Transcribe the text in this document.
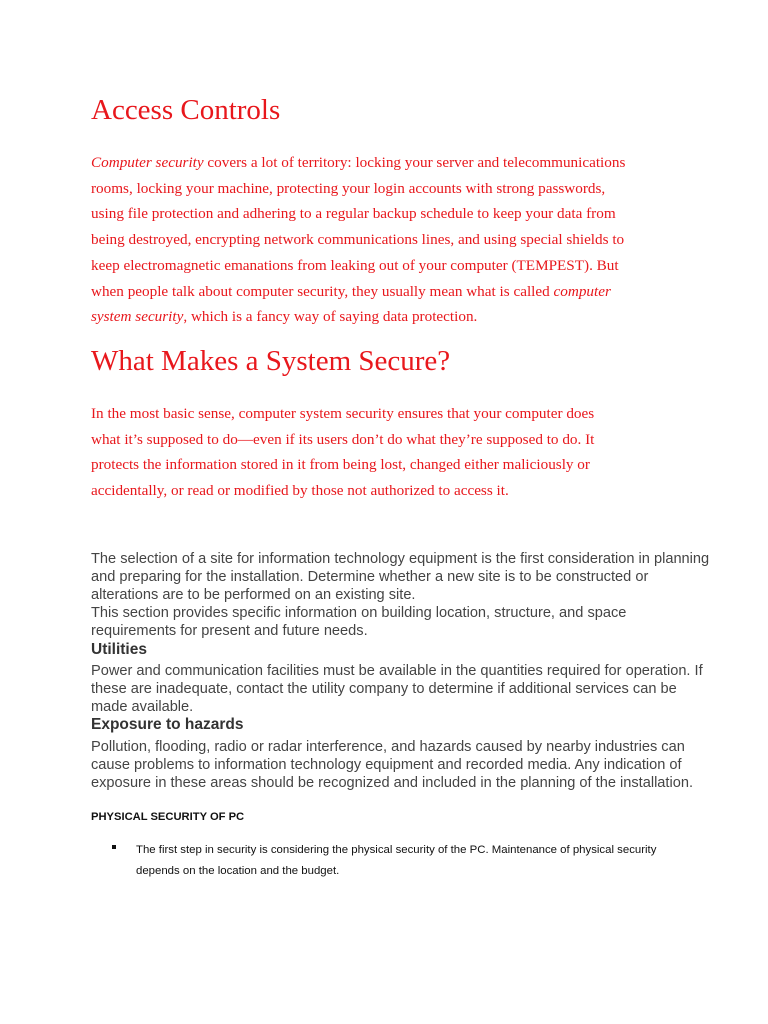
Access Controls

Computer security covers a lot of territory: locking your server and telecommunications
rooms, locking your machine, protecting your login accounts with strong passwords,
using file protection and adhering to a regular backup schedule to keep your data from
being destroyed, encrypting network communications lines, and using special shields to
keep electromagnetic emanations from leaking out of your computer (TEMPEST). But
when people talk about computer security, they usually mean what is called computer
system security, which is a fancy way of saying data protection.

What Makes a System Secure?

In the most basic sense, computer system security ensures that your computer does
what it’s supposed to do—even if its users don’t do what they’re supposed to do. It
protects the information stored in it from being lost, changed either maliciously or
accidentally, or read or modified by those not authorized to access it.

The selection of a site for information technology equipment is the first consideration in planning and preparing for the installation. Determine whether a new site is to be constructed or alterations are to be performed on an existing site.

This section provides specific information on building location, structure, and space requirements for present and future needs.

Utilities

Power and communication facilities must be available in the quantities required for operation. If these are inadequate, contact the utility company to determine if additional services can be made available.

Exposure to hazards

Pollution, flooding, radio or radar interference, and hazards caused by nearby industries can cause problems to information technology equipment and recorded media. Any indication of exposure in these areas should be recognized and included in the planning of the installation.

PHYSICAL SECURITY OF PC

The first step in security is considering the physical security of the PC. Maintenance of physical security depends on the location and the budget.
